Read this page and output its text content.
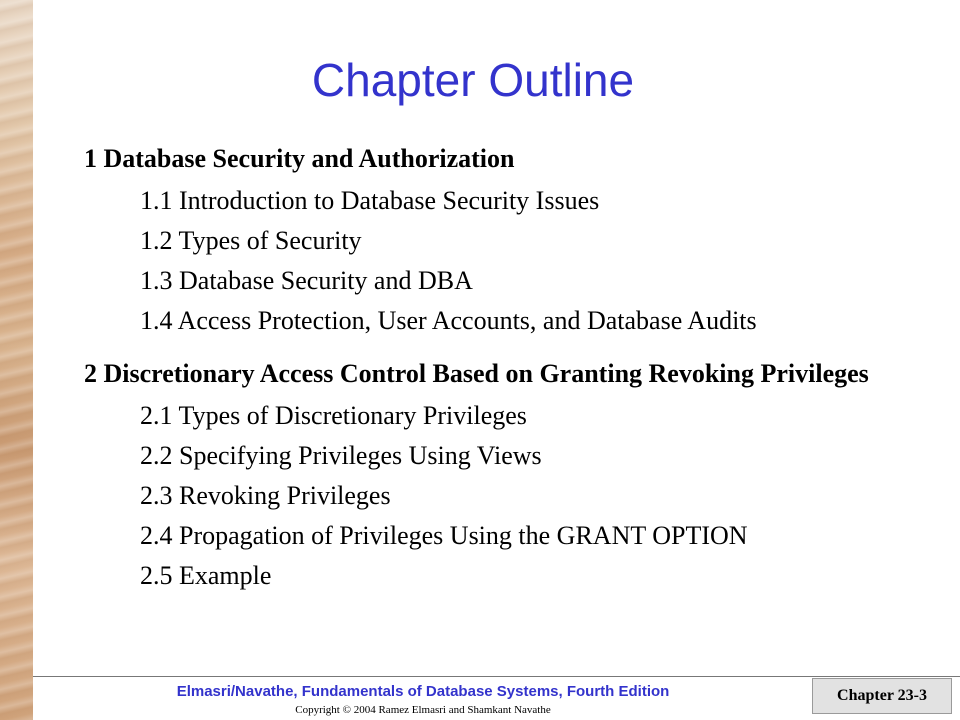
Chapter Outline
1 Database Security and Authorization
1.1 Introduction to Database Security Issues
1.2 Types of Security
1.3 Database Security and DBA
1.4 Access Protection, User Accounts, and Database Audits
2 Discretionary Access Control Based on Granting Revoking Privileges
2.1 Types of Discretionary Privileges
2.2 Specifying Privileges Using Views
2.3 Revoking Privileges
2.4 Propagation of Privileges Using the GRANT OPTION
2.5 Example
Elmasri/Navathe, Fundamentals of Database Systems, Fourth Edition
Copyright © 2004 Ramez Elmasri and Shamkant Navathe
Chapter 23-3
